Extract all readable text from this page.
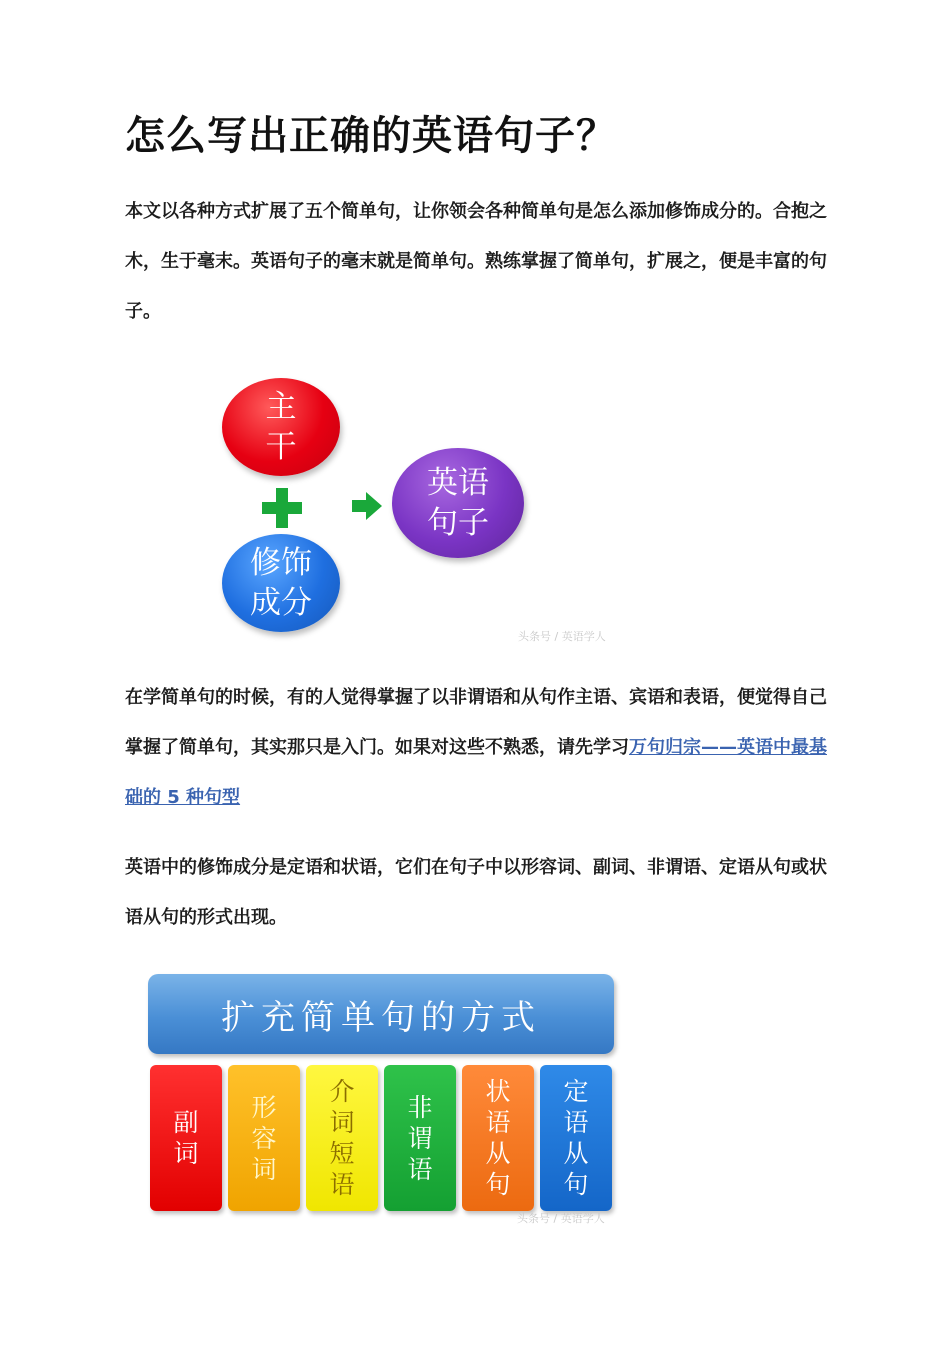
怎么写出正确的英语句子？

本文以各种方式扩展了五个简单句，让你领会各种简单句是怎么添加修饰成分的。合抱之木，生于毫末。英语句子的毫末就是简单句。熟练掌握了简单句，扩展之，便是丰富的句子。

主
干
英语
句子
修饰
成分
头条号 / 英语学人

在学简单句的时候，有的人觉得掌握了以非谓语和从句作主语、宾语和表语，便觉得自己掌握了简单句，其实那只是入门。如果对这些不熟悉，请先学习万句归宗——英语中最基础的 5 种句型

英语中的修饰成分是定语和状语，它们在句子中以形容词、副词、非谓语、定语从句或状语从句的形式出现。

扩充简单句的方式
副
词
形
容
词
介
词
短
语
非
谓
语
状
语
从
句
定
语
从
句
头条号 / 英语学人
